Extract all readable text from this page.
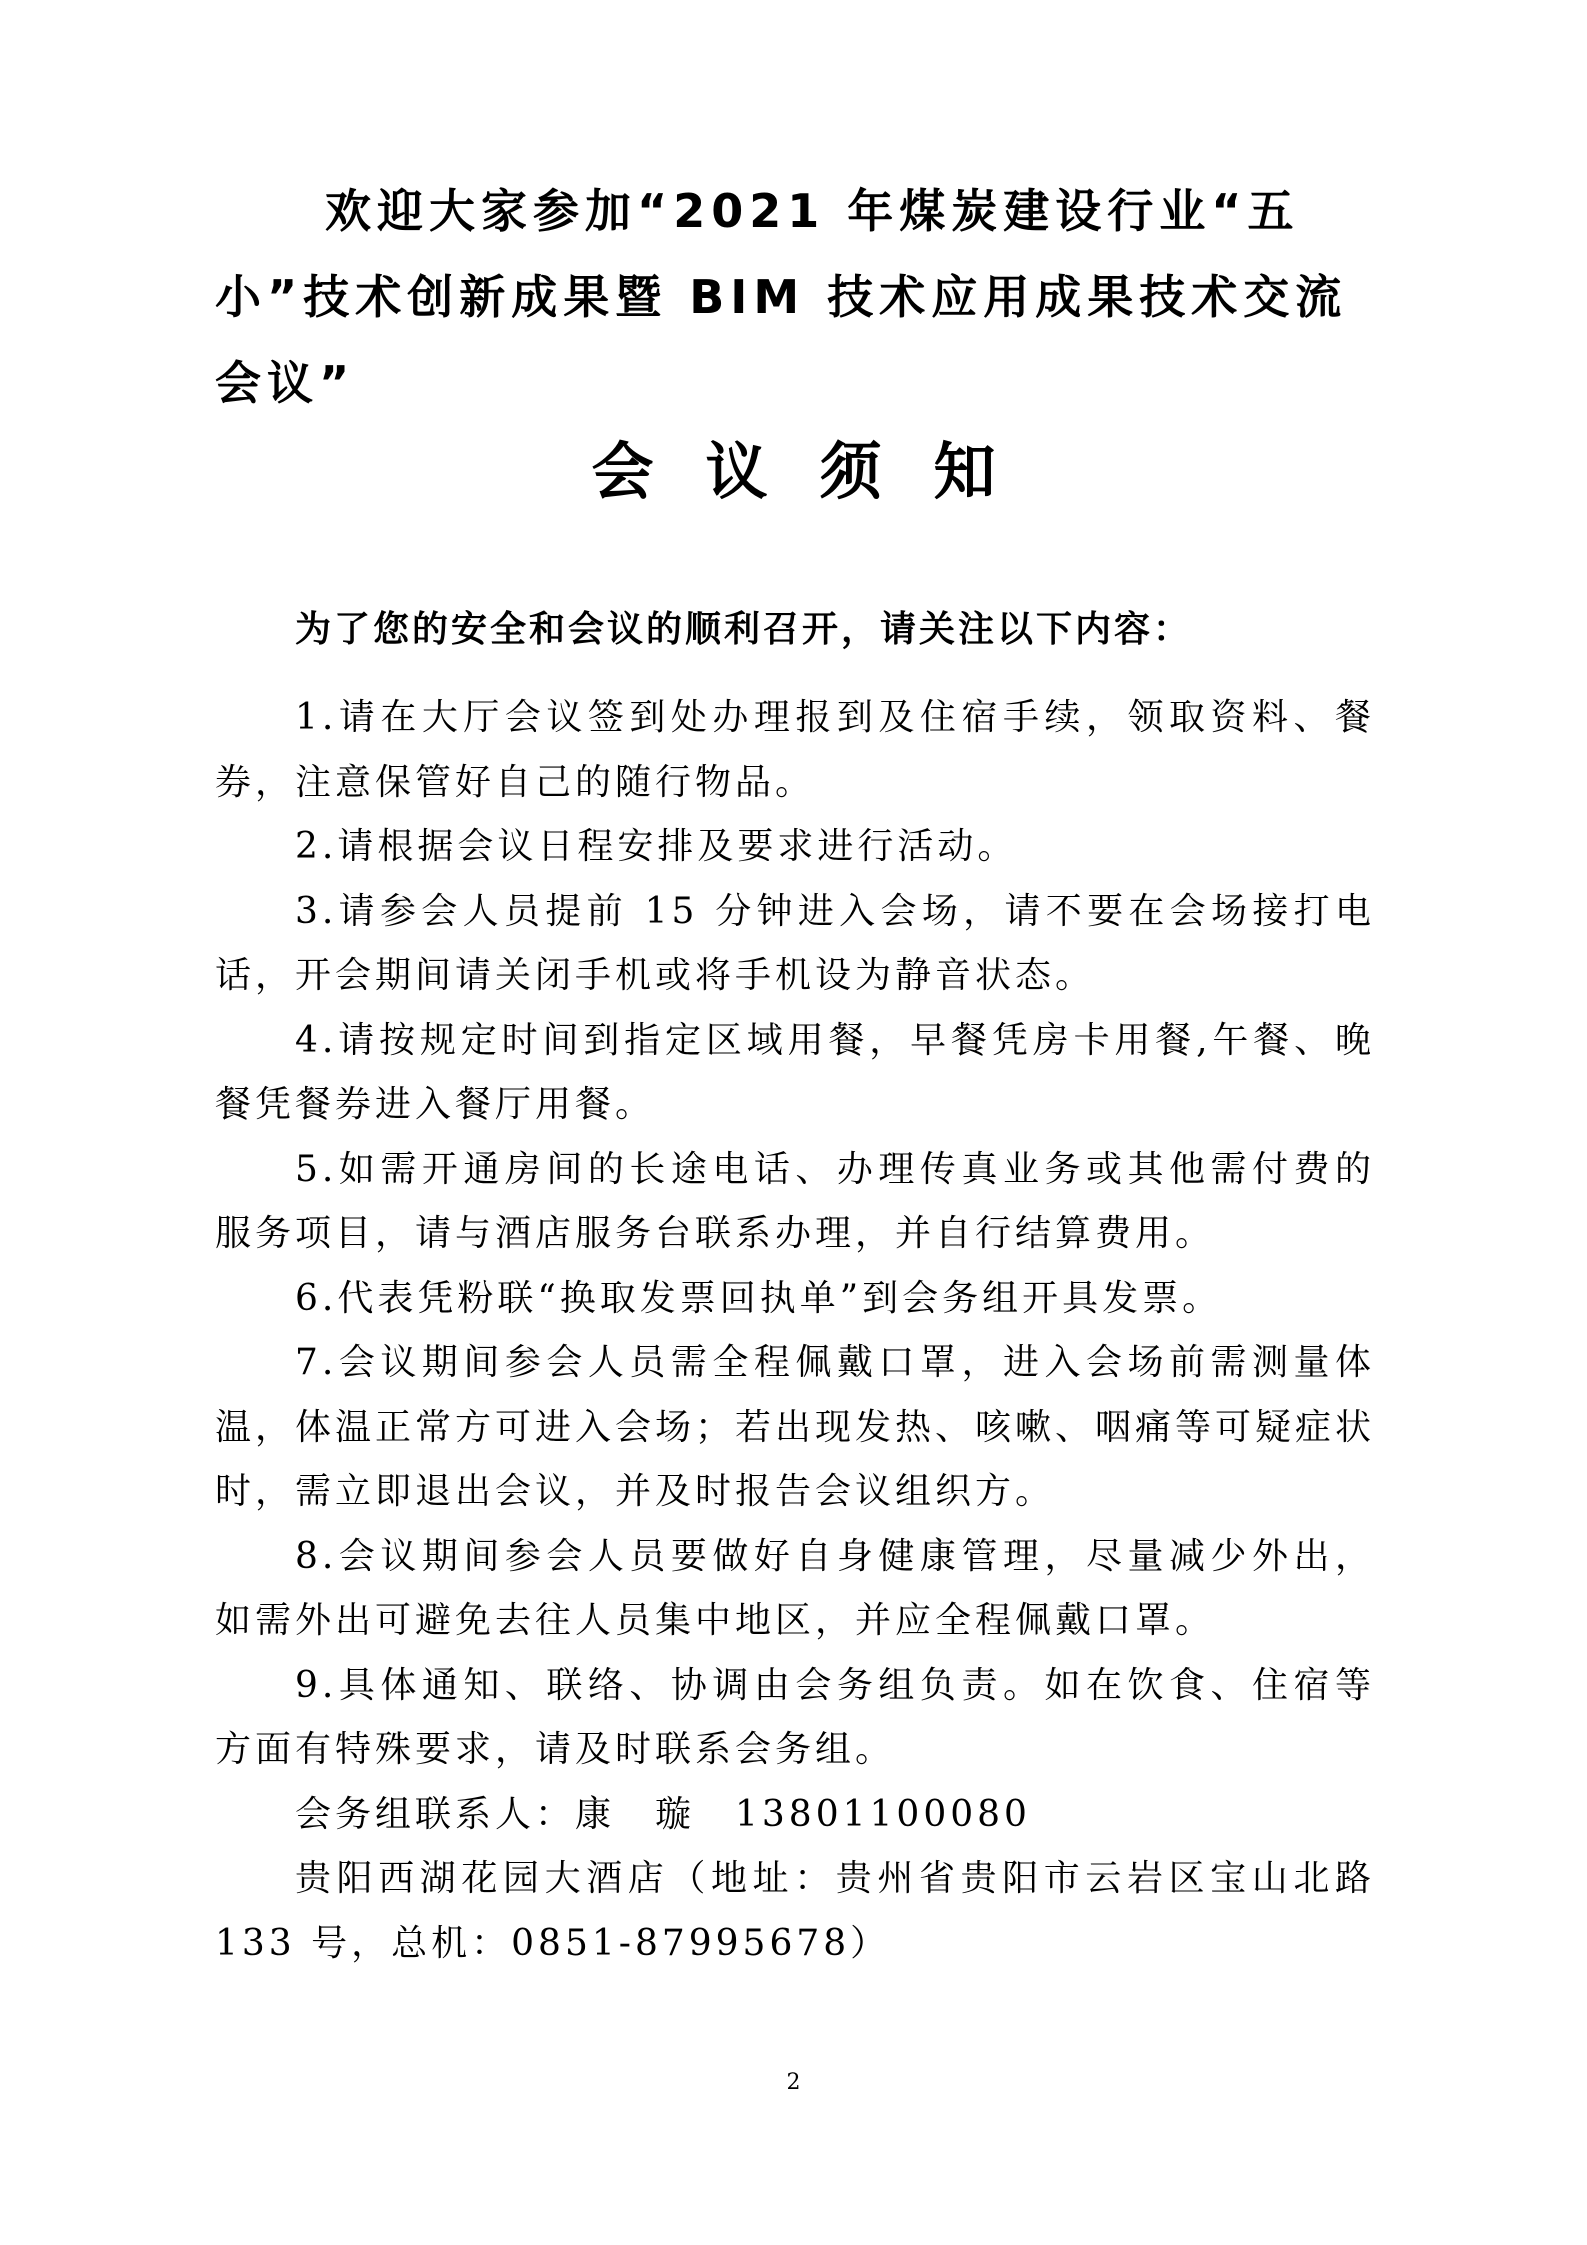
欢迎大家参加“2021 年煤炭建设行业“五小”技术创新成果暨 BIM 技术应用成果技术交流会议”

会议须知

为了您的安全和会议的顺利召开，请关注以下内容：

1.请在大厅会议签到处办理报到及住宿手续，领取资料、餐券，注意保管好自己的随行物品。

2.请根据会议日程安排及要求进行活动。

3.请参会人员提前 15 分钟进入会场，请不要在会场接打电话，开会期间请关闭手机或将手机设为静音状态。

4.请按规定时间到指定区域用餐，早餐凭房卡用餐,午餐、晚餐凭餐券进入餐厅用餐。

5.如需开通房间的长途电话、办理传真业务或其他需付费的服务项目，请与酒店服务台联系办理，并自行结算费用。

6.代表凭粉联“换取发票回执单”到会务组开具发票。

7.会议期间参会人员需全程佩戴口罩，进入会场前需测量体温，体温正常方可进入会场；若出现发热、咳嗽、咽痛等可疑症状时，需立即退出会议，并及时报告会议组织方。

8.会议期间参会人员要做好自身健康管理，尽量减少外出，如需外出可避免去往人员集中地区，并应全程佩戴口罩。

9.具体通知、联络、协调由会务组负责。如在饮食、住宿等方面有特殊要求，请及时联系会务组。

会务组联系人：康　璇　13801100080

贵阳西湖花园大酒店（地址：贵州省贵阳市云岩区宝山北路 133 号，总机：0851-87995678）

2
